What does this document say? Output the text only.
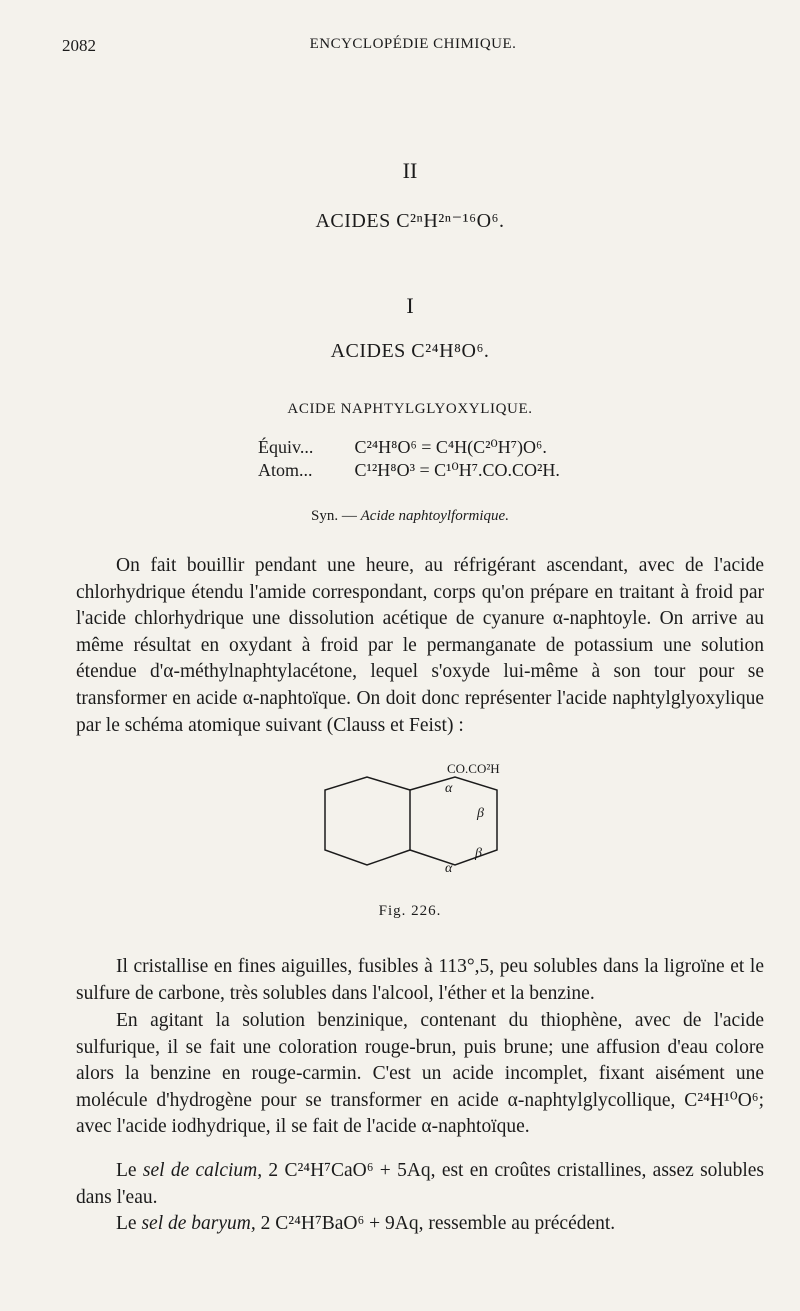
2082	ENCYCLOPÉDIE CHIMIQUE.
II
ACIDES C²ⁿH²ⁿ⁻¹⁶O⁶.
I
ACIDES C²⁴H⁸O⁶.
ACIDE NAPHTYLGLYOXYLIQUE.
Équiv... C²⁴H⁸O⁶ = C⁴H(C²⁰H⁷)O⁶.
Atom... C¹²H⁸O³ = C¹⁰H⁷.CO.CO²H.
Syn. — Acide naphtoylformique.

On fait bouillir pendant une heure, au réfrigérant ascendant, avec de l'acide chlorhydrique étendu l'amide correspondant, corps qu'on prépare en traitant à froid par l'acide chlorhydrique une dissolution acétique de cyanure α-naphtoyle. On arrive au même résultat en oxydant à froid par le permanganate de potassium une solution étendue d'α-méthylnaphtylacétone, lequel s'oxyde lui-même à son tour pour se transformer en acide α-naphtoïque. On doit donc représenter l'acide naphtylglyoxylique par le schéma atomique suivant (Clauss et Feist) :

CO.CO²H
α
β
β
α
Fig. 226.

Il cristallise en fines aiguilles, fusibles à 113°,5, peu solubles dans la ligroïne et le sulfure de carbone, très solubles dans l'alcool, l'éther et la benzine.

En agitant la solution benzinique, contenant du thiophène, avec de l'acide sulfurique, il se fait une coloration rouge-brun, puis brune; une affusion d'eau colore alors la benzine en rouge-carmin. C'est un acide incomplet, fixant aisément une molécule d'hydrogène pour se transformer en acide α-naphtylglycollique, C²⁴H¹⁰O⁶; avec l'acide iodhydrique, il se fait de l'acide α-naphtoïque.

Le sel de calcium, 2 C²⁴H⁷CaO⁶ + 5Aq, est en croûtes cristallines, assez solubles dans l'eau.

Le sel de baryum, 2 C²⁴H⁷BaO⁶ + 9Aq, ressemble au précédent.
